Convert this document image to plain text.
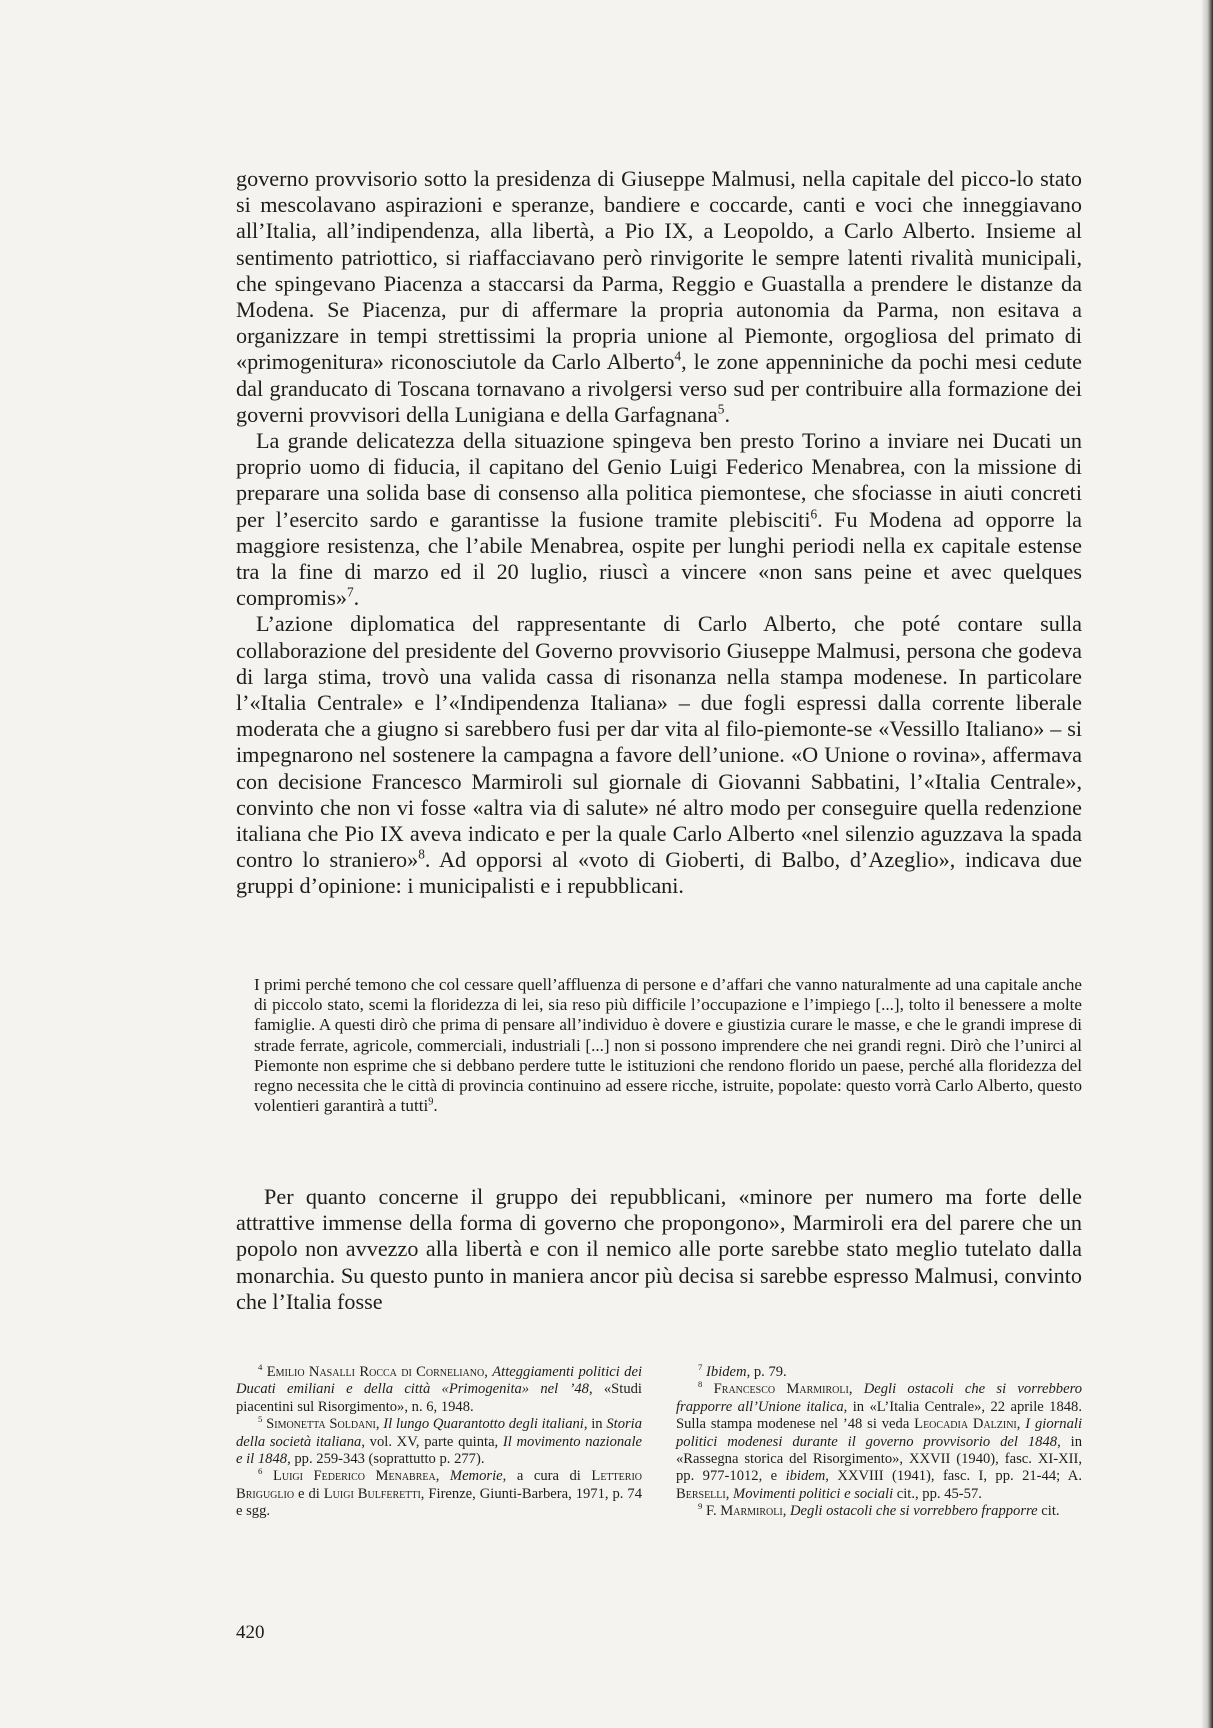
governo provvisorio sotto la presidenza di Giuseppe Malmusi, nella capitale del picco-lo stato si mescolavano aspirazioni e speranze, bandiere e coccarde, canti e voci che inneggiavano all’Italia, all’indipendenza, alla libertà, a Pio IX, a Leopoldo, a Carlo Alberto. Insieme al sentimento patriottico, si riaffacciavano però rinvigorite le sempre latenti rivalità municipali, che spingevano Piacenza a staccarsi da Parma, Reggio e Guastalla a prendere le distanze da Modena. Se Piacenza, pur di affermare la propria autonomia da Parma, non esitava a organizzare in tempi strettissimi la propria unione al Piemonte, orgogliosa del primato di «primogenitura» riconosciutole da Carlo Alberto$^4$, le zone appenniniche da pochi mesi cedute dal granducato di Toscana tornavano a rivolgersi verso sud per contribuire alla formazione dei governi provvisori della Lunigiana e della Garfagnana$^5$.

La grande delicatezza della situazione spingeva ben presto Torino a inviare nei Ducati un proprio uomo di fiducia, il capitano del Genio Luigi Federico Menabrea, con la missione di preparare una solida base di consenso alla politica piemontese, che sfociasse in aiuti concreti per l’esercito sardo e garantisse la fusione tramite plebisciti$^6$. Fu Modena ad opporre la maggiore resistenza, che l’abile Menabrea, ospite per lunghi periodi nella ex capitale estense tra la fine di marzo ed il 20 luglio, riuscì a vincere «non sans peine et avec quelques compromis»$^7$.

L’azione diplomatica del rappresentante di Carlo Alberto, che poté contare sulla collaborazione del presidente del Governo provvisorio Giuseppe Malmusi, persona che godeva di larga stima, trovò una valida cassa di risonanza nella stampa modenese. In particolare l’«Italia Centrale» e l’«Indipendenza Italiana» – due fogli espressi dalla corrente liberale moderata che a giugno si sarebbero fusi per dar vita al filo-piemonte-se «Vessillo Italiano» – si impegnarono nel sostenere la campagna a favore dell’unione. «O Unione o rovina», affermava con decisione Francesco Marmiroli sul giornale di Giovanni Sabbatini, l’«Italia Centrale», convinto che non vi fosse «altra via di salute» né altro modo per conseguire quella redenzione italiana che Pio IX aveva indicato e per la quale Carlo Alberto «nel silenzio aguzzava la spada contro lo straniero»$^8$. Ad opporsi al «voto di Gioberti, di Balbo, d’Azeglio», indicava due gruppi d’opinione: i municipalisti e i repubblicani.

I primi perché temono che col cessare quell’affluenza di persone e d’affari che vanno naturalmente ad una capitale anche di piccolo stato, scemi la floridezza di lei, sia reso più difficile l’occupazione e l’impiego [...], tolto il benessere a molte famiglie. A questi dirò che prima di pensare all’individuo è dovere e giustizia curare le masse, e che le grandi imprese di strade ferrate, agricole, commerciali, industriali [...] non si possono imprendere che nei grandi regni. Dirò che l’unirci al Piemonte non esprime che si debbano perdere tutte le istituzioni che rendono florido un paese, perché alla floridezza del regno necessita che le città di provincia continuino ad essere ricche, istruite, popolate: questo vorrà Carlo Alberto, questo volentieri garantirà a tutti$^9$.

Per quanto concerne il gruppo dei repubblicani, «minore per numero ma forte delle attrattive immense della forma di governo che propongono», Marmiroli era del parere che un popolo non avvezzo alla libertà e con il nemico alle porte sarebbe stato meglio tutelato dalla monarchia. Su questo punto in maniera ancor più decisa si sarebbe espresso Malmusi, convinto che l’Italia fosse

$^4$ Emilio Nasalli Rocca di Corneliano, Atteggiamenti politici dei Ducati emiliani e della città «Primogenita» nel ’48, «Studi piacentini sul Risorgimento», n. 6, 1948.

$^5$ Simonetta Soldani, Il lungo Quarantotto degli italiani, in Storia della società italiana, vol. XV, parte quinta, Il movimento nazionale e il 1848, pp. 259-343 (soprattutto p. 277).

$^6$ Luigi Federico Menabrea, Memorie, a cura di Letterio Briguglio e di Luigi Bulferetti, Firenze, Giunti-Barbera, 1971, p. 74 e sgg.

$^7$ Ibidem, p. 79.

$^8$ Francesco Marmiroli, Degli ostacoli che si vorrebbero frapporre all’Unione italica, in «L’Italia Centrale», 22 aprile 1848. Sulla stampa modenese nel ’48 si veda Leocadia Dalzini, I giornali politici modenesi durante il governo provvisorio del 1848, in «Rassegna storica del Risorgimento», XXVII (1940), fasc. XI-XII, pp. 977-1012, e ibidem, XXVIII (1941), fasc. I, pp. 21-44; A. Berselli, Movimenti politici e sociali cit., pp. 45-57.

$^9$ F. Marmiroli, Degli ostacoli che si vorrebbero frapporre cit.

420
